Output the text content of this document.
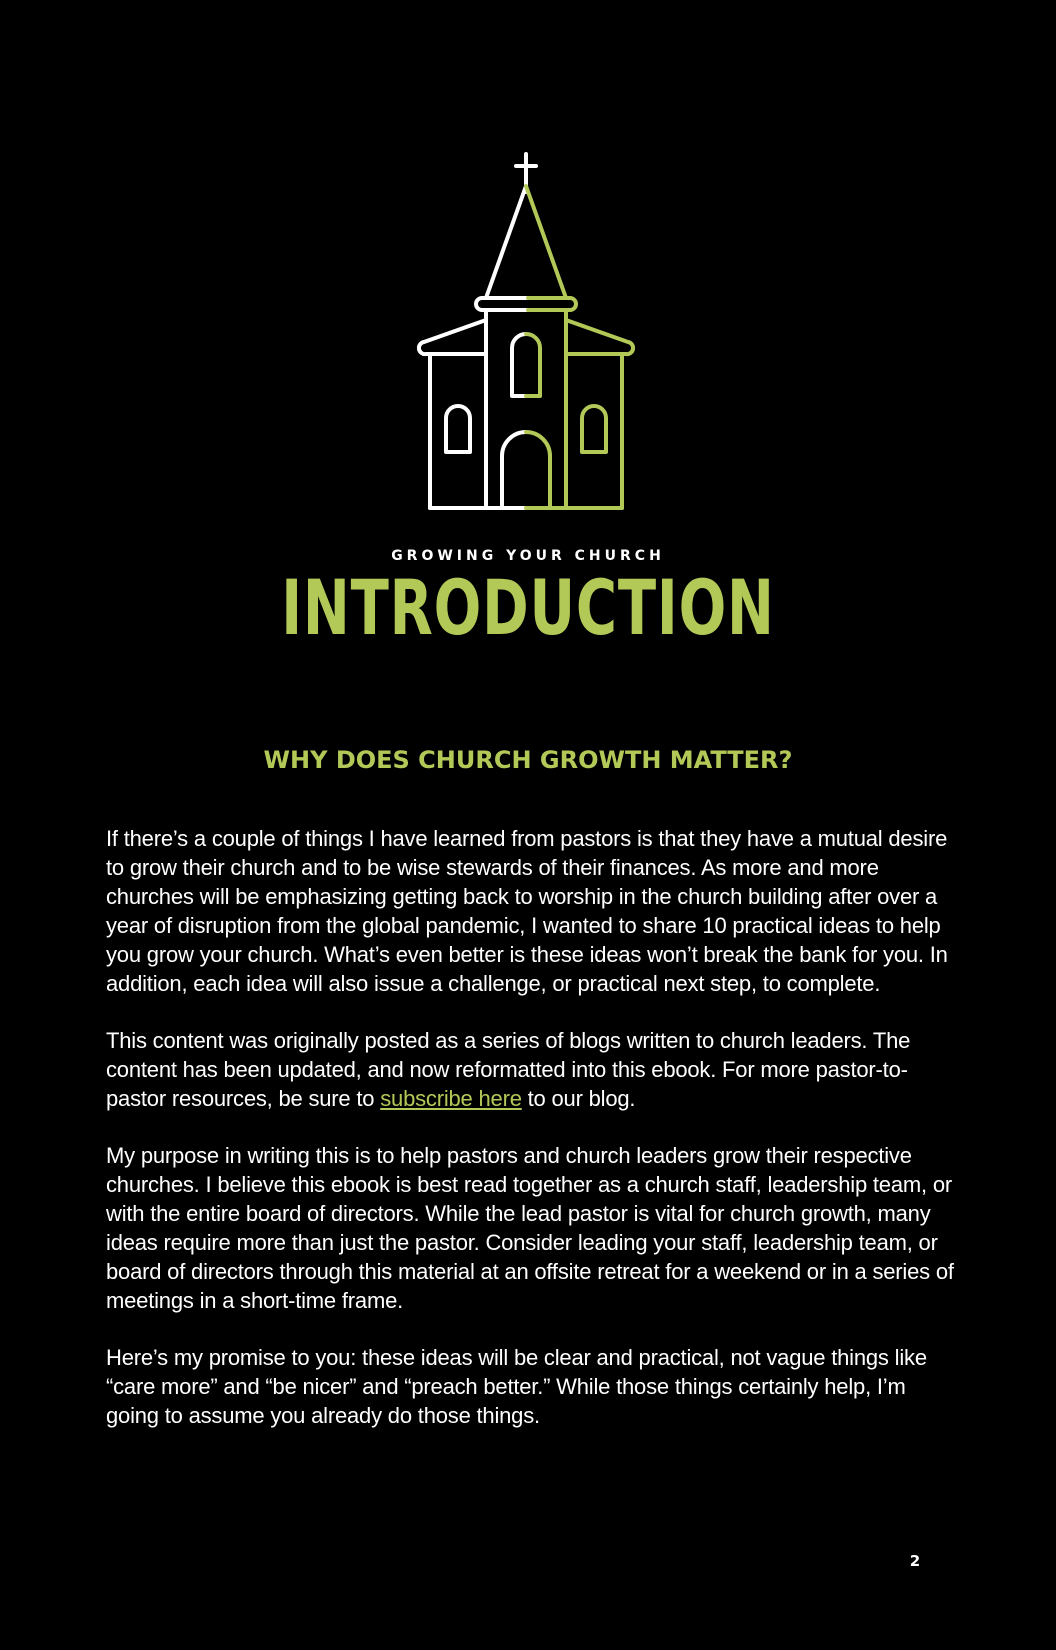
GROWING YOUR CHURCH
INTRODUCTION
WHY DOES CHURCH GROWTH MATTER?

If there’s a couple of things I have learned from pastors is that they have a mutual desire to grow their church and to be wise stewards of their finances. As more and more churches will be emphasizing getting back to worship in the church building after over a year of disruption from the global pandemic, I wanted to share 10 practical ideas to help you grow your church. What’s even better is these ideas won’t break the bank for you. In addition, each idea will also issue a challenge, or practical next step, to complete.

This content was originally posted as a series of blogs written to church leaders. The content has been updated, and now reformatted into this ebook. For more pastor-to-pastor resources, be sure to subscribe here to our blog.

My purpose in writing this is to help pastors and church leaders grow their respective churches. I believe this ebook is best read together as a church staff, leadership team, or with the entire board of directors. While the lead pastor is vital for church growth, many ideas require more than just the pastor. Consider leading your staff, leadership team, or board of directors through this material at an offsite retreat for a weekend or in a series of meetings in a short-time frame.

Here’s my promise to you: these ideas will be clear and practical, not vague things like “care more” and “be nicer” and “preach better.” While those things certainly help, I’m going to assume you already do those things.

2
